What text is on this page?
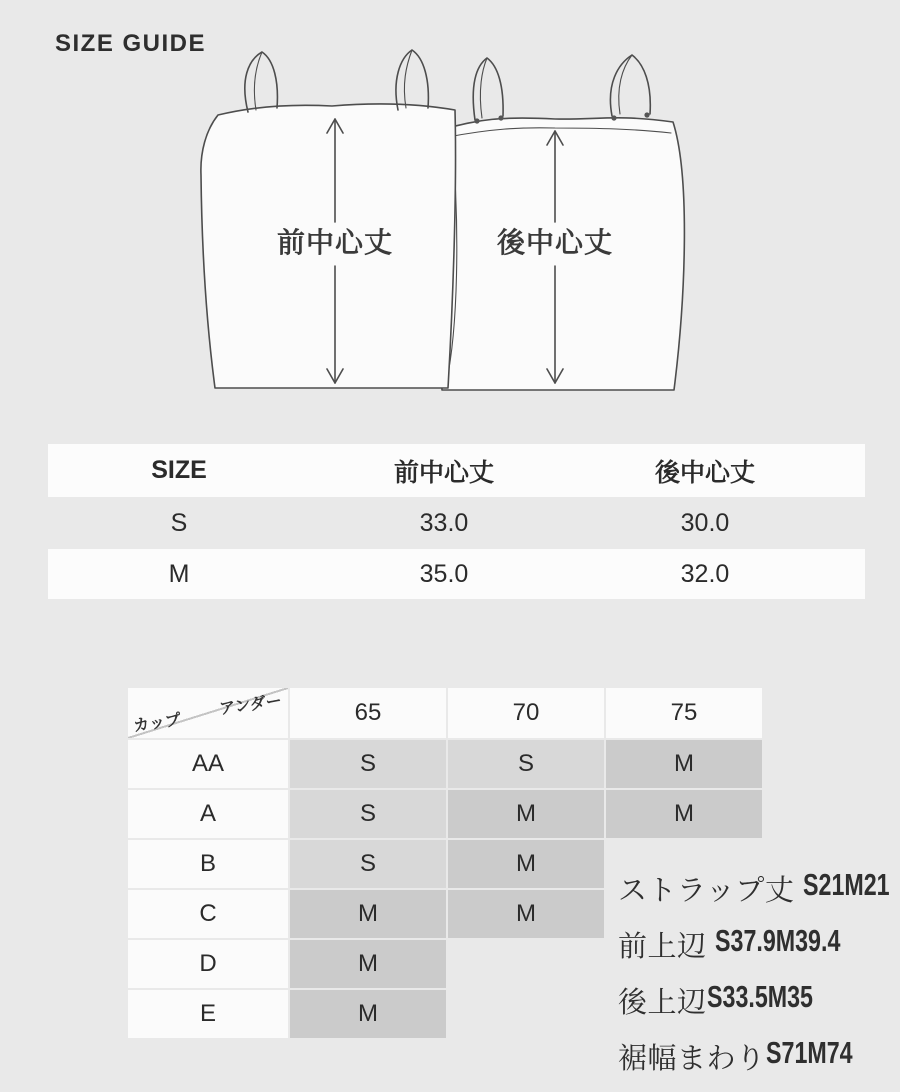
SIZE GUIDE
前中心丈	後中心丈
SIZE	前中心丈	後中心丈
S	33.0	30.0
M	35.0	32.0
アンダー
カップ	65	70	75
AA	S	S	M
A	S	M	M
B	S	M
C	M	M
D	M
E	M
ストラップ丈 S21M21
前上辺 S37.9M39.4
後上辺 S33.5M35
裾幅まわり S71M74
